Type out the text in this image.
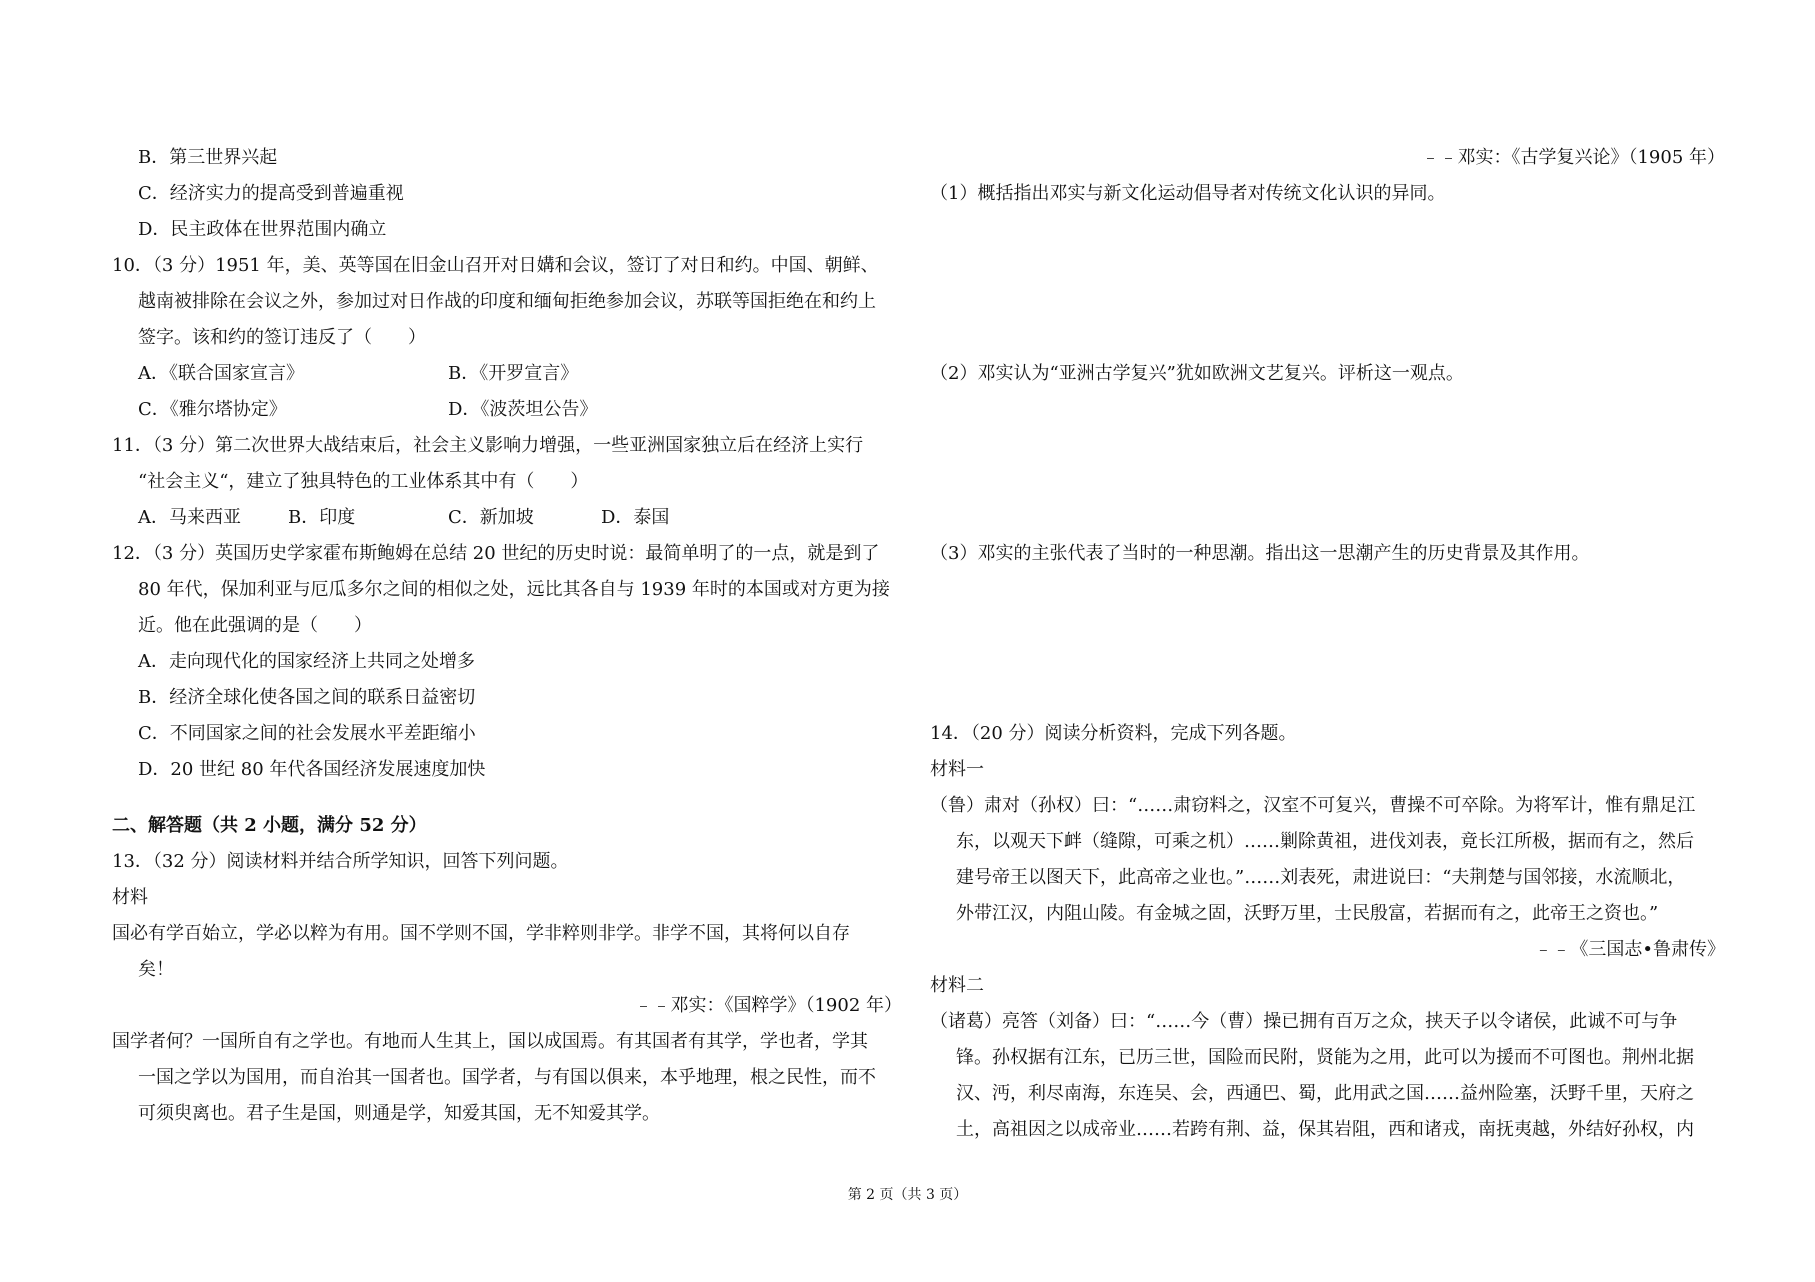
B．第三世界兴起
C．经济实力的提高受到普遍重视
D．民主政体在世界范围内确立
10．（3 分）1951 年，美、英等国在旧金山召开对日媾和会议，签订了对日和约。中国、朝鲜、
越南被排除在会议之外，参加过对日作战的印度和缅甸拒绝参加会议，苏联等国拒绝在和约上
签字。该和约的签订违反了（　　）
A．《联合国家宣言》	B．《开罗宣言》
C．《雅尔塔协定》	D．《波茨坦公告》
11．（3 分）第二次世界大战结束后，社会主义影响力增强，一些亚洲国家独立后在经济上实行
“社会主义“，建立了独具特色的工业体系其中有（　　）
A．马来西亚	B．印度	C．新加坡	D．泰国
12．（3 分）英国历史学家霍布斯鲍姆在总结 20 世纪的历史时说：最简单明了的一点，就是到了
80 年代，保加利亚与厄瓜多尔之间的相似之处，远比其各自与 1939 年时的本国或对方更为接
近。他在此强调的是（　　）
A．走向现代化的国家经济上共同之处增多
B．经济全球化使各国之间的联系日益密切
C．不同国家之间的社会发展水平差距缩小
D．20 世纪 80 年代各国经济发展速度加快
二、解答题（共 2 小题，满分 52 分）
13．（32 分）阅读材料并结合所学知识，回答下列问题。
材料
国必有学百始立，学必以粹为有用。国不学则不国，学非粹则非学。非学不国，其将何以自存
矣！
﹣﹣邓实：《国粹学》（1902 年）
国学者何？一国所自有之学也。有地而人生其上，国以成国焉。有其国者有其学，学也者，学其
一国之学以为国用，而自治其一国者也。国学者，与有国以俱来，本乎地理，根之民性，而不
可须臾离也。君子生是国，则通是学，知爱其国，无不知爱其学。
﹣﹣邓实：《古学复兴论》（1905 年）
（1）概括指出邓实与新文化运动倡导者对传统文化认识的异同。
（2）邓实认为“亚洲古学复兴”犹如欧洲文艺复兴。评析这一观点。
（3）邓实的主张代表了当时的一种思潮。指出这一思潮产生的历史背景及其作用。
14．（20 分）阅读分析资料，完成下列各题。
材料一
（鲁）肃对（孙权）曰：“……肃窃料之，汉室不可复兴，曹操不可卒除。为将军计，惟有鼎足江
东，以观天下衅（缝隙，可乘之机）……剿除黄祖，进伐刘表，竟长江所极，据而有之，然后
建号帝王以图天下，此高帝之业也。”……刘表死，肃进说曰：“夫荆楚与国邻接，水流顺北，
外带江汉，内阻山陵。有金城之固，沃野万里，士民殷富，若据而有之，此帝王之资也。”
﹣﹣《三国志•鲁肃传》
材料二
（诸葛）亮答（刘备）曰：“……今（曹）操已拥有百万之众，挟天子以令诸侯，此诚不可与争
锋。孙权据有江东，已历三世，国险而民附，贤能为之用，此可以为援而不可图也。荆州北据
汉、沔，利尽南海，东连吴、会，西通巴、蜀，此用武之国……益州险塞，沃野千里，天府之
土，高祖因之以成帝业……若跨有荆、益，保其岩阻，西和诸戎，南抚夷越，外结好孙权，内
第 2 页（共 3 页）
